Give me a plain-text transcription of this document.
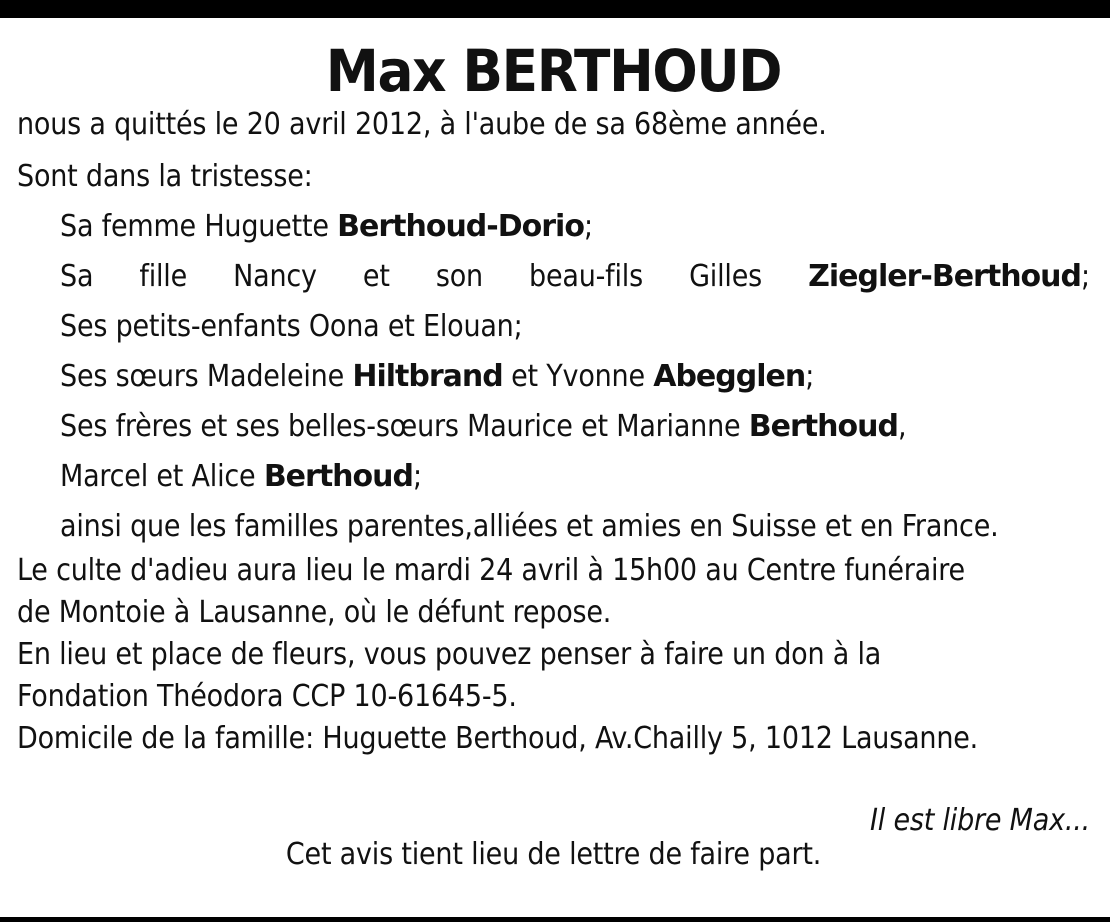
Max BERTHOUD
nous a quittés le 20 avril 2012, à l'aube de sa 68ème année.
Sont dans la tristesse:
Sa femme Huguette Berthoud-Dorio;
Sa fille Nancy et son beau-fils Gilles Ziegler-Berthoud;
Ses petits-enfants Oona et Elouan;
Ses sœurs Madeleine Hiltbrand et Yvonne Abegglen;
Ses frères et ses belles-sœurs Maurice et Marianne Berthoud,
Marcel et Alice Berthoud;
ainsi que les familles parentes,alliées et amies en Suisse et en France.
Le culte d'adieu aura lieu le mardi 24 avril à 15h00 au Centre funéraire
de Montoie à Lausanne, où le défunt repose.
En lieu et place de fleurs, vous pouvez penser à faire un don à la
Fondation Théodora CCP 10-61645-5.
Domicile de la famille: Huguette Berthoud, Av.Chailly 5, 1012 Lausanne.
Il est libre Max...
Cet avis tient lieu de lettre de faire part.
